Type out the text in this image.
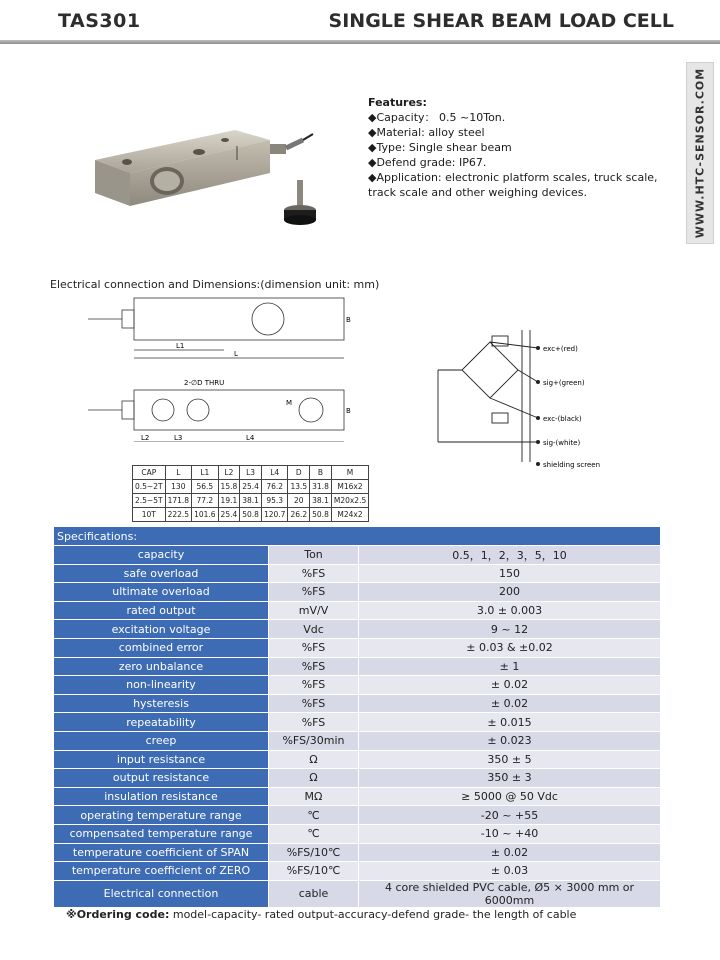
TAS301	SINGLE SHEAR BEAM LOAD CELL
WWW.HTC-SENSOR.COM
Features:
◆Capacity： 0.5 ~10Ton.
◆Material: alloy steel
◆Type: Single shear beam
◆Defend grade: IP67.
◆Application: electronic platform scales, truck scale, track scale and other weighing devices.
Electrical connection and Dimensions:(dimension unit: mm)
L1
L
B
2-∅D THRU
M
B
L2	L3	L4
exc+(red)
sig+(green)
exc-(black)
sig-(white)
shielding screen
CAP	L	L1	L2	L3	L4	D	B	M
0.5~2T	130	56.5	15.8	25.4	76.2	13.5	31.8	M16x2
2.5~5T	171.8	77.2	19.1	38.1	95.3	20	38.1	M20x2.5
10T	222.5	101.6	25.4	50.8	120.7	26.2	50.8	M24x2
Specifications:		
capacity	Ton	0.5，1，2，3，5，10
safe overload	%FS	150
ultimate overload	%FS	200
rated output	mV/V	3.0 ± 0.003
excitation voltage	Vdc	9 ~ 12
combined error	%FS	± 0.03 & ±0.02
zero unbalance	%FS	± 1
non-linearity	%FS	± 0.02
hysteresis	%FS	± 0.02
repeatability	%FS	± 0.015
creep	%FS/30min	± 0.023
input resistance	Ω	350 ± 5
output resistance	Ω	350 ± 3
insulation resistance	MΩ	≥ 5000 @ 50 Vdc
operating temperature range	℃	-20 ~ +55
compensated temperature range	℃	-10 ~ +40
temperature coefficient of SPAN	%FS/10℃	± 0.02
temperature coefficient of ZERO	%FS/10℃	± 0.03
Electrical connection	cable	4 core shielded PVC cable, Ø5 × 3000 mm or 6000mm
※Ordering code: model-capacity- rated output-accuracy-defend grade- the length of cable
